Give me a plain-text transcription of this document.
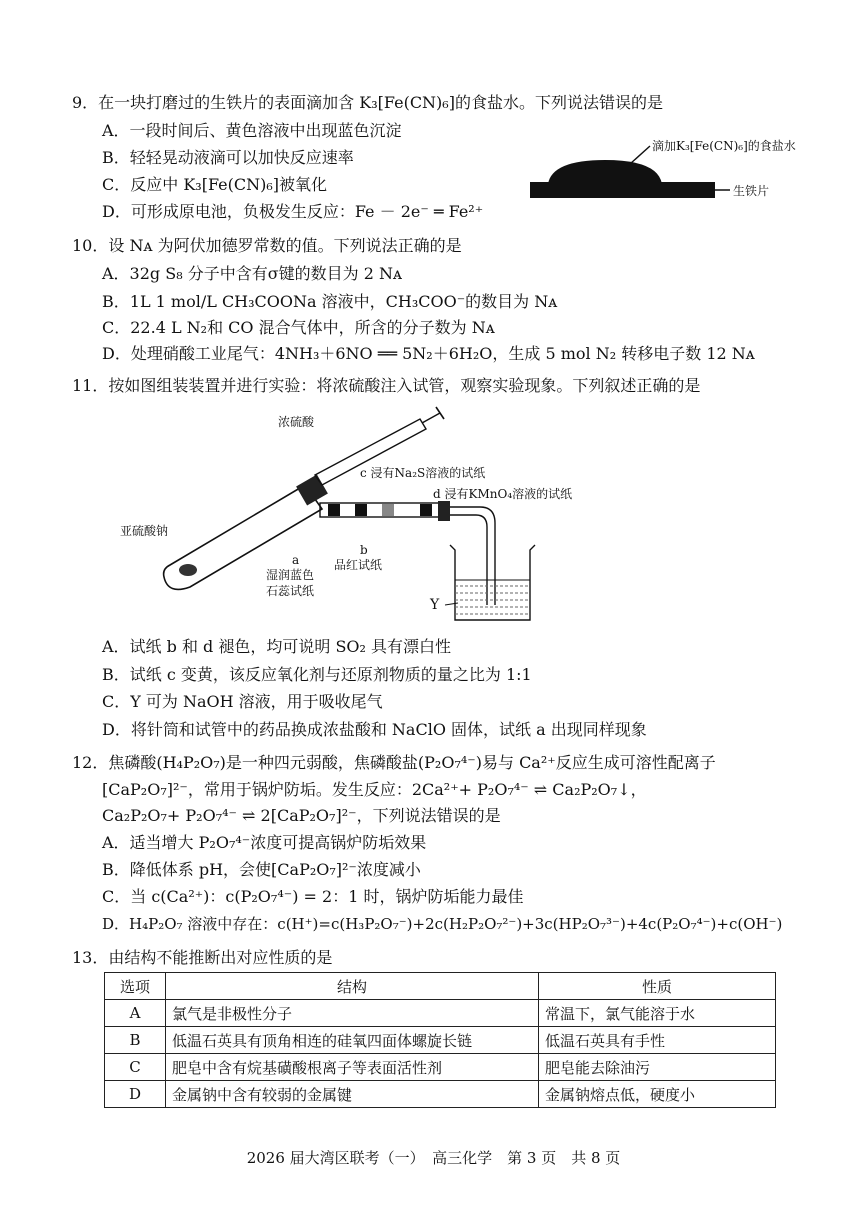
9．在一块打磨过的生铁片的表面滴加含 K₃[Fe(CN)₆]的食盐水。下列说法错误的是
A．一段时间后、黄色溶液中出现蓝色沉淀
B．轻轻晃动液滴可以加快反应速率
C．反应中 K₃[Fe(CN)₆]被氧化
D．可形成原电池，负极发生反应：Fe － 2e⁻ ═ Fe²⁺
滴加K₃[Fe(CN)₆]的食盐水
生铁片
10．设 Nᴀ 为阿伏加德罗常数的值。下列说法正确的是
A．32g S₈ 分子中含有σ键的数目为 2 Nᴀ
B．1L 1 mol/L CH₃COONa 溶液中，CH₃COO⁻的数目为 Nᴀ
C．22.4 L N₂和 CO 混合气体中，所含的分子数为 Nᴀ
D．处理硝酸工业尾气：4NH₃＋6NO ══ 5N₂＋6H₂O，生成 5 mol N₂ 转移电子数 12 Nᴀ
11．按如图组装装置并进行实验：将浓硫酸注入试管，观察实验现象。下列叙述正确的是
浓硫酸
c 浸有Na₂S溶液的试纸
d 浸有KMnO₄溶液的试纸
亚硫酸钠
a
湿润蓝色
石蕊试纸
b
品红试纸
Y
A．试纸 b 和 d 褪色，均可说明 SO₂ 具有漂白性
B．试纸 c 变黄，该反应氧化剂与还原剂物质的量之比为 1:1
C．Y 可为 NaOH 溶液，用于吸收尾气
D．将针筒和试管中的药品换成浓盐酸和 NaClO 固体，试纸 a 出现同样现象
12．焦磷酸(H₄P₂O₇)是一种四元弱酸，焦磷酸盐(P₂O₇⁴⁻)易与 Ca²⁺反应生成可溶性配离子
[CaP₂O₇]²⁻，常用于锅炉防垢。发生反应：2Ca²⁺+ P₂O₇⁴⁻ ⇌ Ca₂P₂O₇↓，
Ca₂P₂O₇+ P₂O₇⁴⁻ ⇌ 2[CaP₂O₇]²⁻，下列说法错误的是
A．适当增大 P₂O₇⁴⁻浓度可提高锅炉防垢效果
B．降低体系 pH，会使[CaP₂O₇]²⁻浓度减小
C．当 c(Ca²⁺)：c(P₂O₇⁴⁻) = 2：1 时，锅炉防垢能力最佳
D．H₄P₂O₇ 溶液中存在：c(H⁺)=c(H₃P₂O₇⁻)+2c(H₂P₂O₇²⁻)+3c(HP₂O₇³⁻)+4c(P₂O₇⁴⁻)+c(OH⁻)
13．由结构不能推断出对应性质的是
选项	结构	性质
A	氯气是非极性分子	常温下，氯气能溶于水
B	低温石英具有顶角相连的硅氧四面体螺旋长链	低温石英具有手性
C	肥皂中含有烷基磺酸根离子等表面活性剂	肥皂能去除油污
D	金属钠中含有较弱的金属键	金属钠熔点低，硬度小
2026 届大湾区联考（一）　高三化学　第 3 页　共 8 页
